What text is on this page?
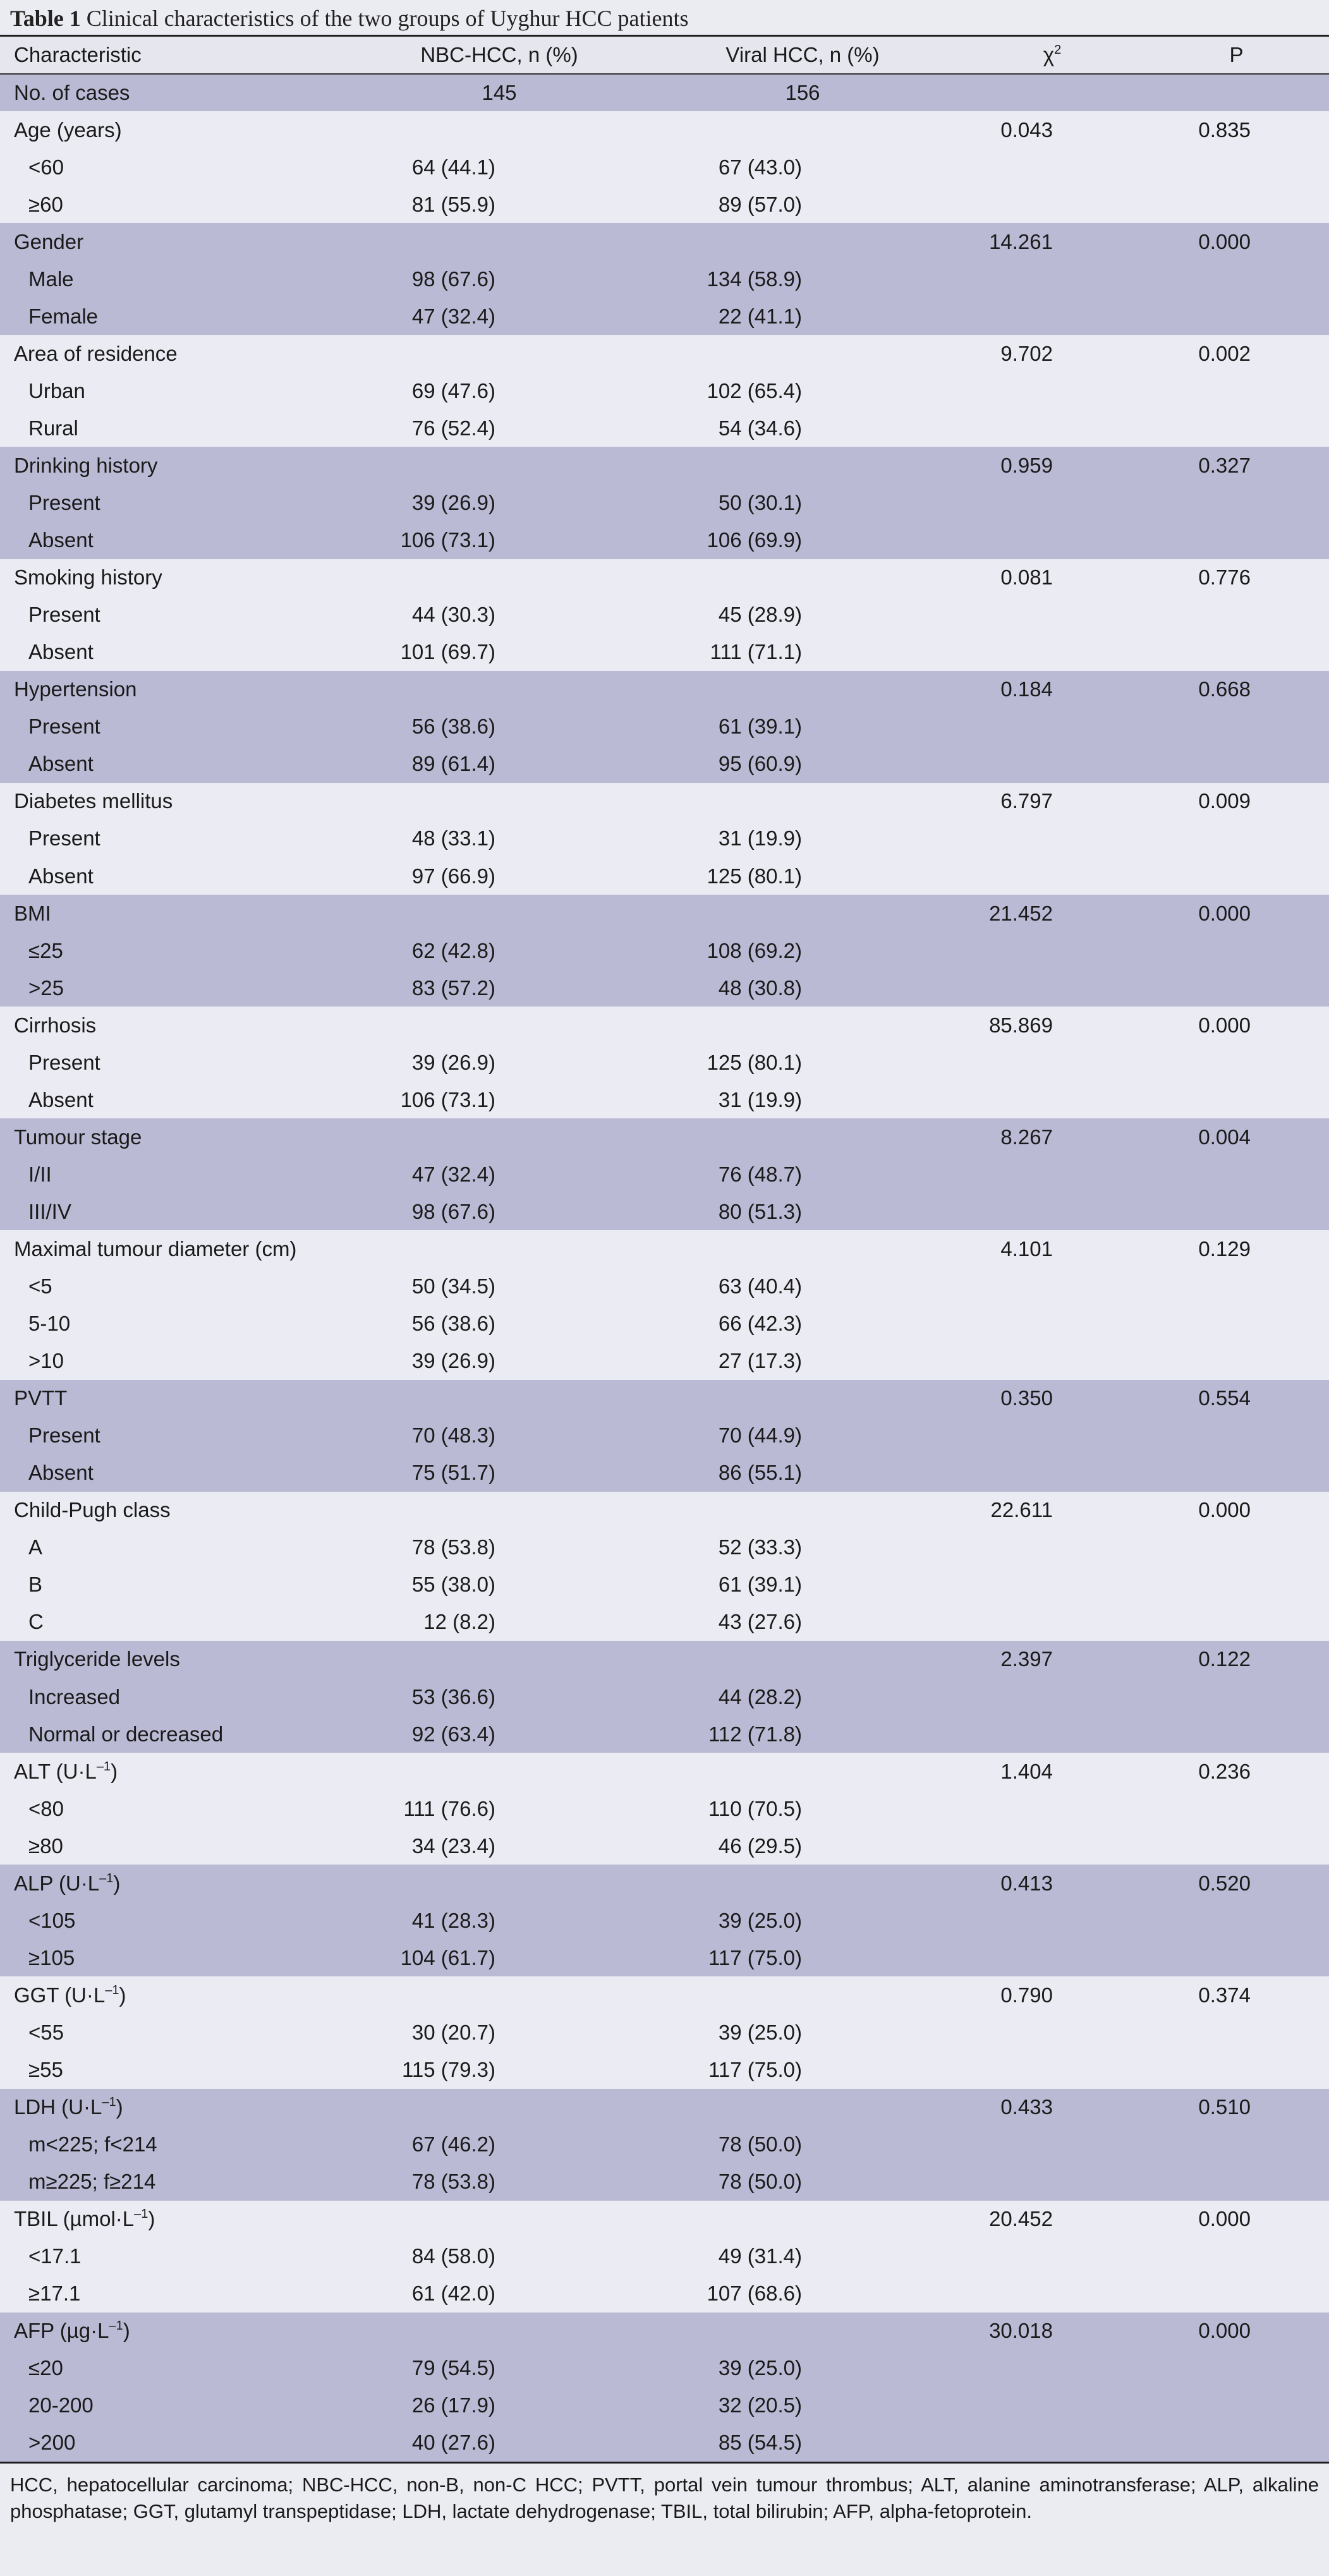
Table 1 Clinical characteristics of the two groups of Uyghur HCC patients
Characteristic	NBC-HCC, n (%)	Viral HCC, n (%)	$\chi^2$	P
No. of cases	145	156		
Age (years)			0.043	0.835
<60	64 (44.1)	67 (43.0)		
≥60	81 (55.9)	89 (57.0)		
Gender			14.261	0.000
Male	98 (67.6)	134 (58.9)		
Female	47 (32.4)	22 (41.1)		
Area of residence			9.702	0.002
Urban	69 (47.6)	102 (65.4)		
Rural	76 (52.4)	54 (34.6)		
Drinking history			0.959	0.327
Present	39 (26.9)	50 (30.1)		
Absent	106 (73.1)	106 (69.9)		
Smoking history			0.081	0.776
Present	44 (30.3)	45 (28.9)		
Absent	101 (69.7)	111 (71.1)		
Hypertension			0.184	0.668
Present	56 (38.6)	61 (39.1)		
Absent	89 (61.4)	95 (60.9)		
Diabetes mellitus			6.797	0.009
Present	48 (33.1)	31 (19.9)		
Absent	97 (66.9)	125 (80.1)		
BMI			21.452	0.000
≤25	62 (42.8)	108 (69.2)		
>25	83 (57.2)	48 (30.8)		
Cirrhosis			85.869	0.000
Present	39 (26.9)	125 (80.1)		
Absent	106 (73.1)	31 (19.9)		
Tumour stage			8.267	0.004
I/II	47 (32.4)	76 (48.7)		
III/IV	98 (67.6)	80 (51.3)		
Maximal tumour diameter (cm)			4.101	0.129
<5	50 (34.5)	63 (40.4)		
5-10	56 (38.6)	66 (42.3)		
>10	39 (26.9)	27 (17.3)		
PVTT			0.350	0.554
Present	70 (48.3)	70 (44.9)		
Absent	75 (51.7)	86 (55.1)		
Child-Pugh class			22.611	0.000
A	78 (53.8)	52 (33.3)		
B	55 (38.0)	61 (39.1)		
C	12 (8.2)	43 (27.6)		
Triglyceride levels			2.397	0.122
Increased	53 (36.6)	44 (28.2)		
Normal or decreased	92 (63.4)	112 (71.8)		
ALT $(U\cdot L^{-1})$			1.404	0.236
<80	111 (76.6)	110 (70.5)		
≥80	34 (23.4)	46 (29.5)		
ALP $(U\cdot L^{-1})$			0.413	0.520
<105	41 (28.3)	39 (25.0)		
≥105	104 (61.7)	117 (75.0)		
GGT $(U\cdot L^{-1})$			0.790	0.374
<55	30 (20.7)	39 (25.0)		
≥55	115 (79.3)	117 (75.0)		
LDH $(U\cdot L^{-1})$			0.433	0.510
m<225; f<214	67 (46.2)	78 (50.0)		
m≥225; f≥214	78 (53.8)	78 (50.0)		
TBIL $(\mu mol\cdot L^{-1})$			20.452	0.000
<17.1	84 (58.0)	49 (31.4)		
≥17.1	61 (42.0)	107 (68.6)		
AFP $(\mu g\cdot L^{-1})$			30.018	0.000
≤20	79 (54.5)	39 (25.0)		
20-200	26 (17.9)	32 (20.5)		
>200	40 (27.6)	85 (54.5)		
HCC, hepatocellular carcinoma; NBC-HCC, non-B, non-C HCC; PVTT, portal vein tumour thrombus; ALT, alanine aminotransferase; ALP, alkaline phosphatase; GGT, glutamyl transpeptidase; LDH, lactate dehydrogenase; TBIL, total bilirubin; AFP, alpha-fetoprotein.
